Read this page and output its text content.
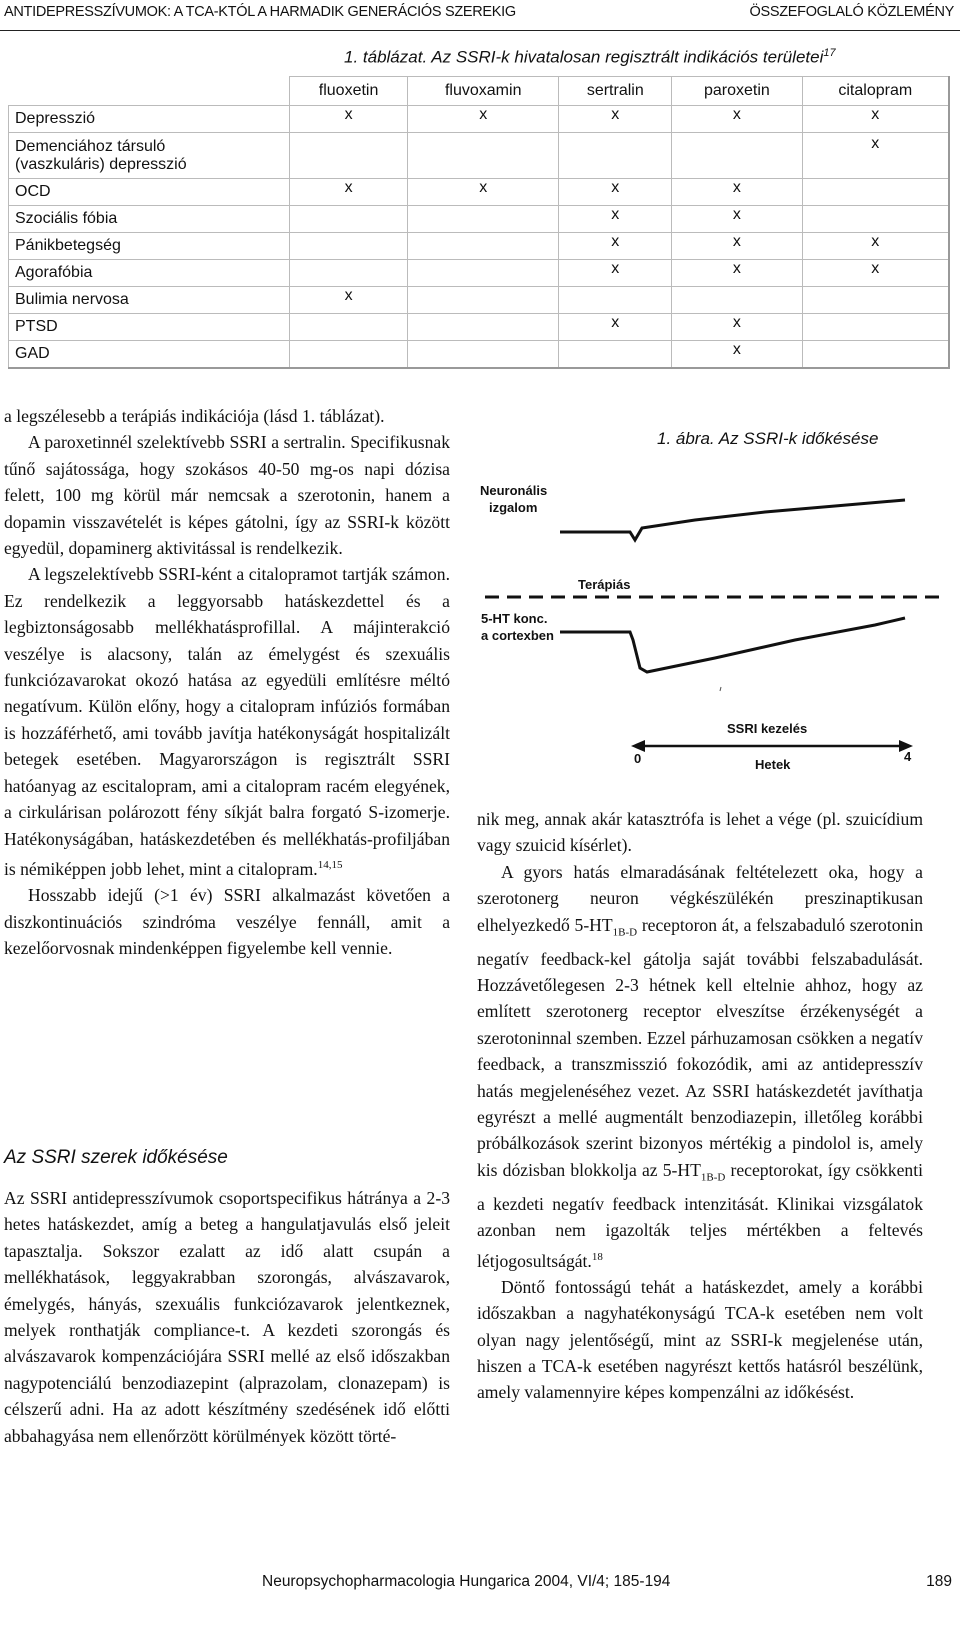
ANTIDEPRESSZÍVUMOK: A TCA-KTÓL A HARMADIK GENERÁCIÓS SZEREKIG	ÖSSZEFOGLALÓ KÖZLEMÉNY
1. táblázat. Az SSRI-k hivatalosan regisztrált indikációs területei$^{17}$
	fluoxetin	fluvoxamin	sertralin	paroxetin	citalopram
Depresszió	x	x	x	x	x
Demenciához társuló
(vaszkuláris) depresszió					x
OCD	x	x	x	x	
Szociális fóbia			x	x	
Pánikbetegség			x	x	x
Agorafóbia			x	x	x
Bulimia nervosa	x				
PTSD			x	x	
GAD				x	

a legszélesebb a terápiás indikációja (lásd 1. táblázat).

A paroxetinnél szelektívebb SSRI a sertralin. Specifikusnak tűnő sajátossága, hogy szokásos 40-50 mg-os napi dózisa felett, 100 mg körül már nemcsak a szerotonin, hanem a dopamin visszavételét is képes gátolni, így az SSRI-k között egyedül, dopaminerg aktivitással is rendelkezik.

A legszelektívebb SSRI-ként a citalopramot tartják számon. Ez rendelkezik a leggyorsabb hatáskezdettel és a legbiztonságosabb mellékhatásprofillal. A májinterakció veszélye is alacsony, talán az émelygést és szexuális funkciózavarokat okozó hatása az egyedüli említésre méltó negatívum. Külön előny, hogy a citalopram infúziós formában is hozzáférhető, ami tovább javítja hatékonyságát hospitalizált betegek esetében. Magyarországon is regisztrált SSRI hatóanyag az escitalopram, ami a citalopram racém elegyének, a cirkulárisan polározott fény síkját balra forgató S-izomerje. Hatékonyságában, hatáskezdetében és mellékhatás-profiljában is némiképpen jobb lehet, mint a citalopram.$^{14,15}$

Hosszabb idejű (>1 év) SSRI alkalmazást követően a diszkontinuációs szindróma veszélye fennáll, amit a kezelőorvosnak mindenképpen figyelembe kell vennie.

Az SSRI szerek időkésése

Az SSRI antidepresszívumok csoportspecifikus hátránya a 2-3 hetes hatáskezdet, amíg a beteg a hangulatjavulás első jeleit tapasztalja. Sokszor ezalatt az idő alatt csupán a mellékhatások, leggyakrabban szorongás, alvászavarok, émelygés, hányás, szexuális funkciózavarok jelentkeznek, melyek ronthatják compliance-t. A kezdeti szorongás és alvászavarok kompenzációjára SSRI mellé az első időszakban nagypotenciálú benzodiazepint (alprazolam, clonazepam) is célszerű adni. Ha az adott készítmény szedésének idő előtti abbahagyása nem ellenőrzött körülmények között törté-

1. ábra. Az SSRI-k időkésése
Neuronális
izgalom
Terápiás
5-HT konc.
a cortexben
SSRI kezelés
0	4
Hetek

nik meg, annak akár katasztrófa is lehet a vége (pl. szuicídium vagy szuicid kísérlet).

A gyors hatás elmaradásának feltételezett oka, hogy a szerotonerg neuron végkészülékén preszinaptikusan elhelyezkedő $5-HT_{1B-D}$ receptoron át, a felszabaduló szerotonin negatív feedback-kel gátolja saját további felszabadulását. Hozzávetőlegesen 2-3 hétnek kell eltelnie ahhoz, hogy az említett szerotonerg receptor elveszítse érzékenységét a szerotoninnal szemben. Ezzel párhuzamosan csökken a negatív feedback, a transzmisszió fokozódik, ami az antidepresszív hatás megjelenéséhez vezet. Az SSRI hatáskezdetét javíthatja egyrészt a mellé augmentált benzodiazepin, illetőleg korábbi próbálkozások szerint bizonyos mértékig a pindolol is, amely kis dózisban blokkolja az $5-HT_{1B-D}$ receptorokat, így csökkenti a kezdeti negatív feedback intenzitását. Klinikai vizsgálatok azonban nem igazolták teljes mértékben a feltevés létjogosultságát.$^{18}$

Döntő fontosságú tehát a hatáskezdet, amely a korábbi időszakban a nagyhatékonyságú TCA-k esetében nem volt olyan nagy jelentőségű, mint az SSRI-k megjelenése után, hiszen a TCA-k esetében nagyrészt kettős hatásról beszélünk, amely valamennyire képes kompenzálni az időkésést.

Neuropsychopharmacologia Hungarica 2004, VI/4; 185-194	189
